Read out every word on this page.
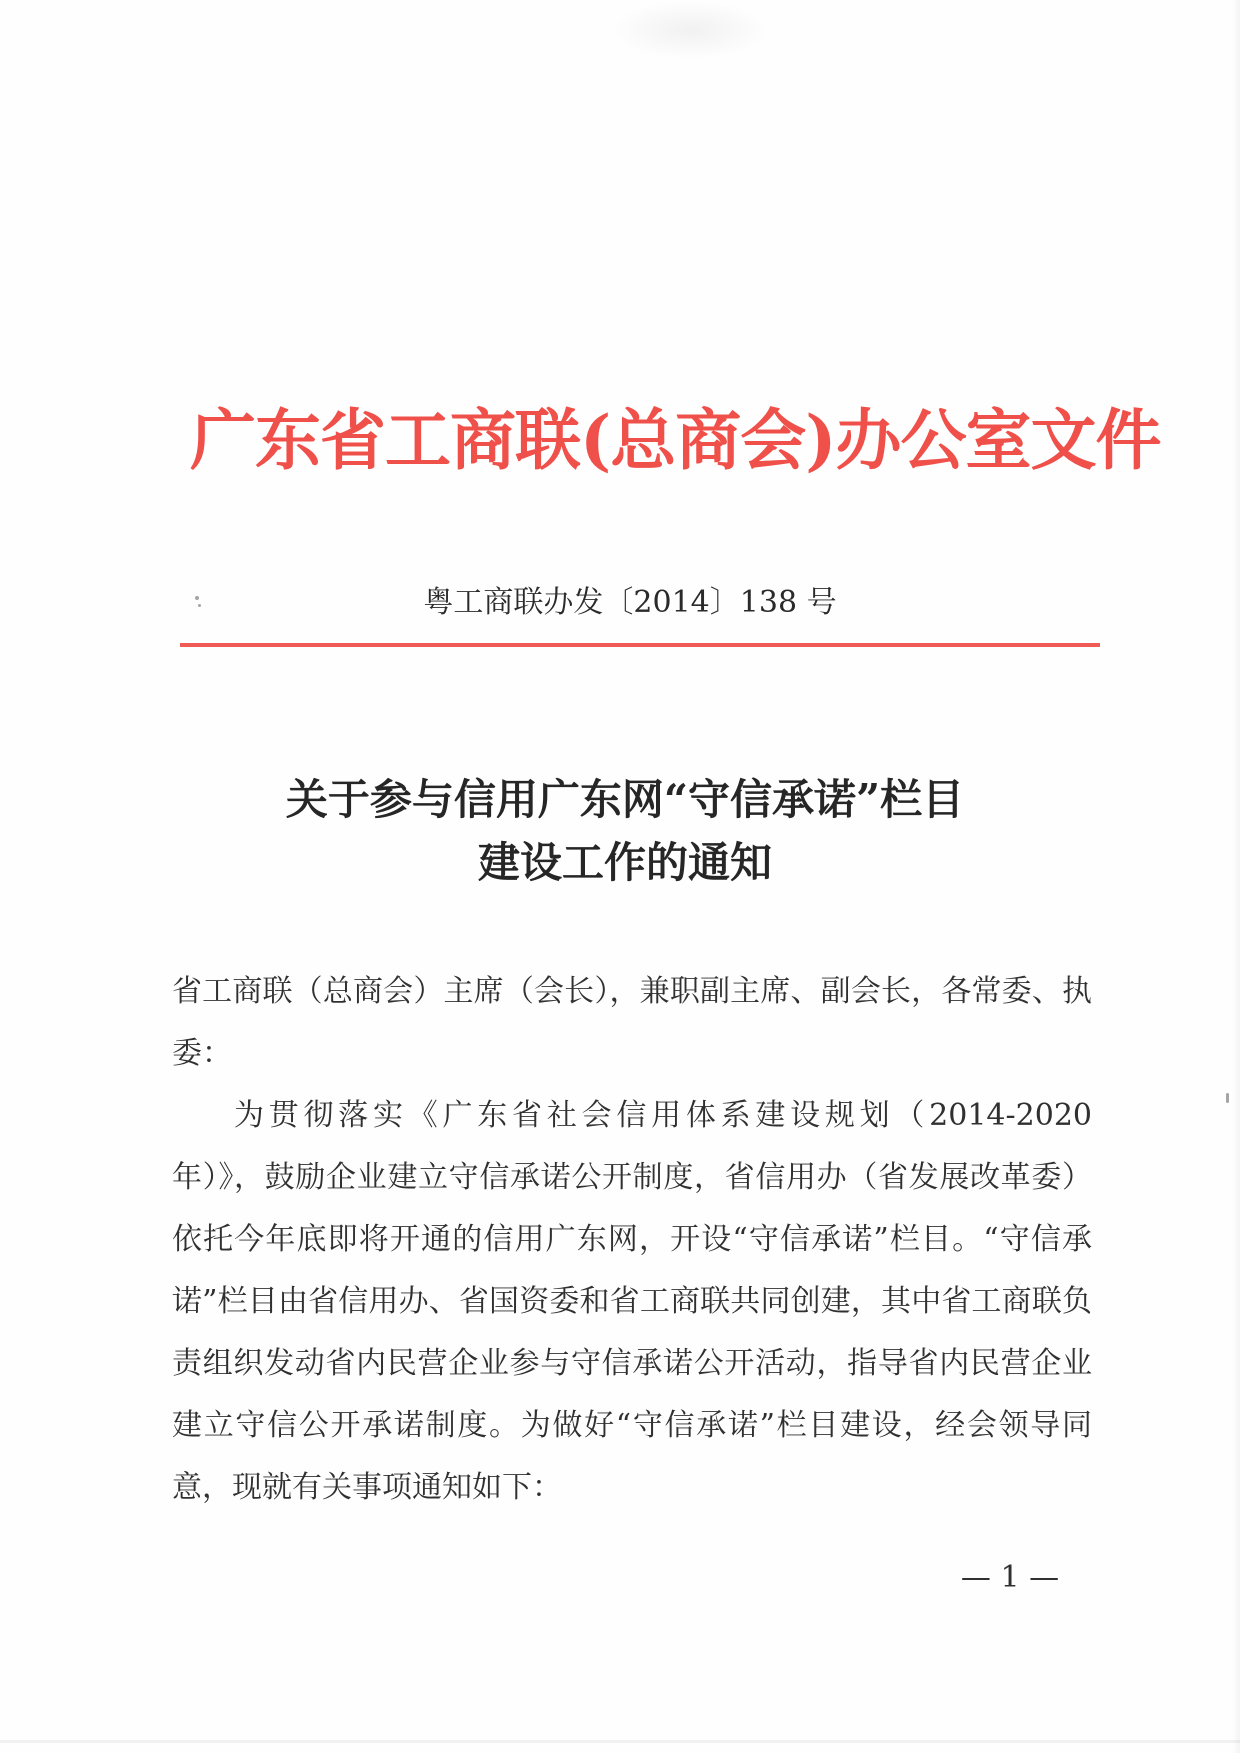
广东省工商联(总商会)办公室文件
粤工商联办发〔2014〕138 号
关于参与信用广东网“守信承诺”栏目
建设工作的通知
省工商联（总商会）主席（会长），兼职副主席、副会长，各常委、执委：
为贯彻落实《广东省社会信用体系建设规划（2014-2020 年）》，鼓励企业建立守信承诺公开制度，省信用办（省发展改革委）依托今年底即将开通的信用广东网，开设“守信承诺”栏目。“守信承诺”栏目由省信用办、省国资委和省工商联共同创建，其中省工商联负责组织发动省内民营企业参与守信承诺公开活动，指导省内民营企业建立守信公开承诺制度。为做好“守信承诺”栏目建设，经会领导同意，现就有关事项通知如下：
— 1 —
